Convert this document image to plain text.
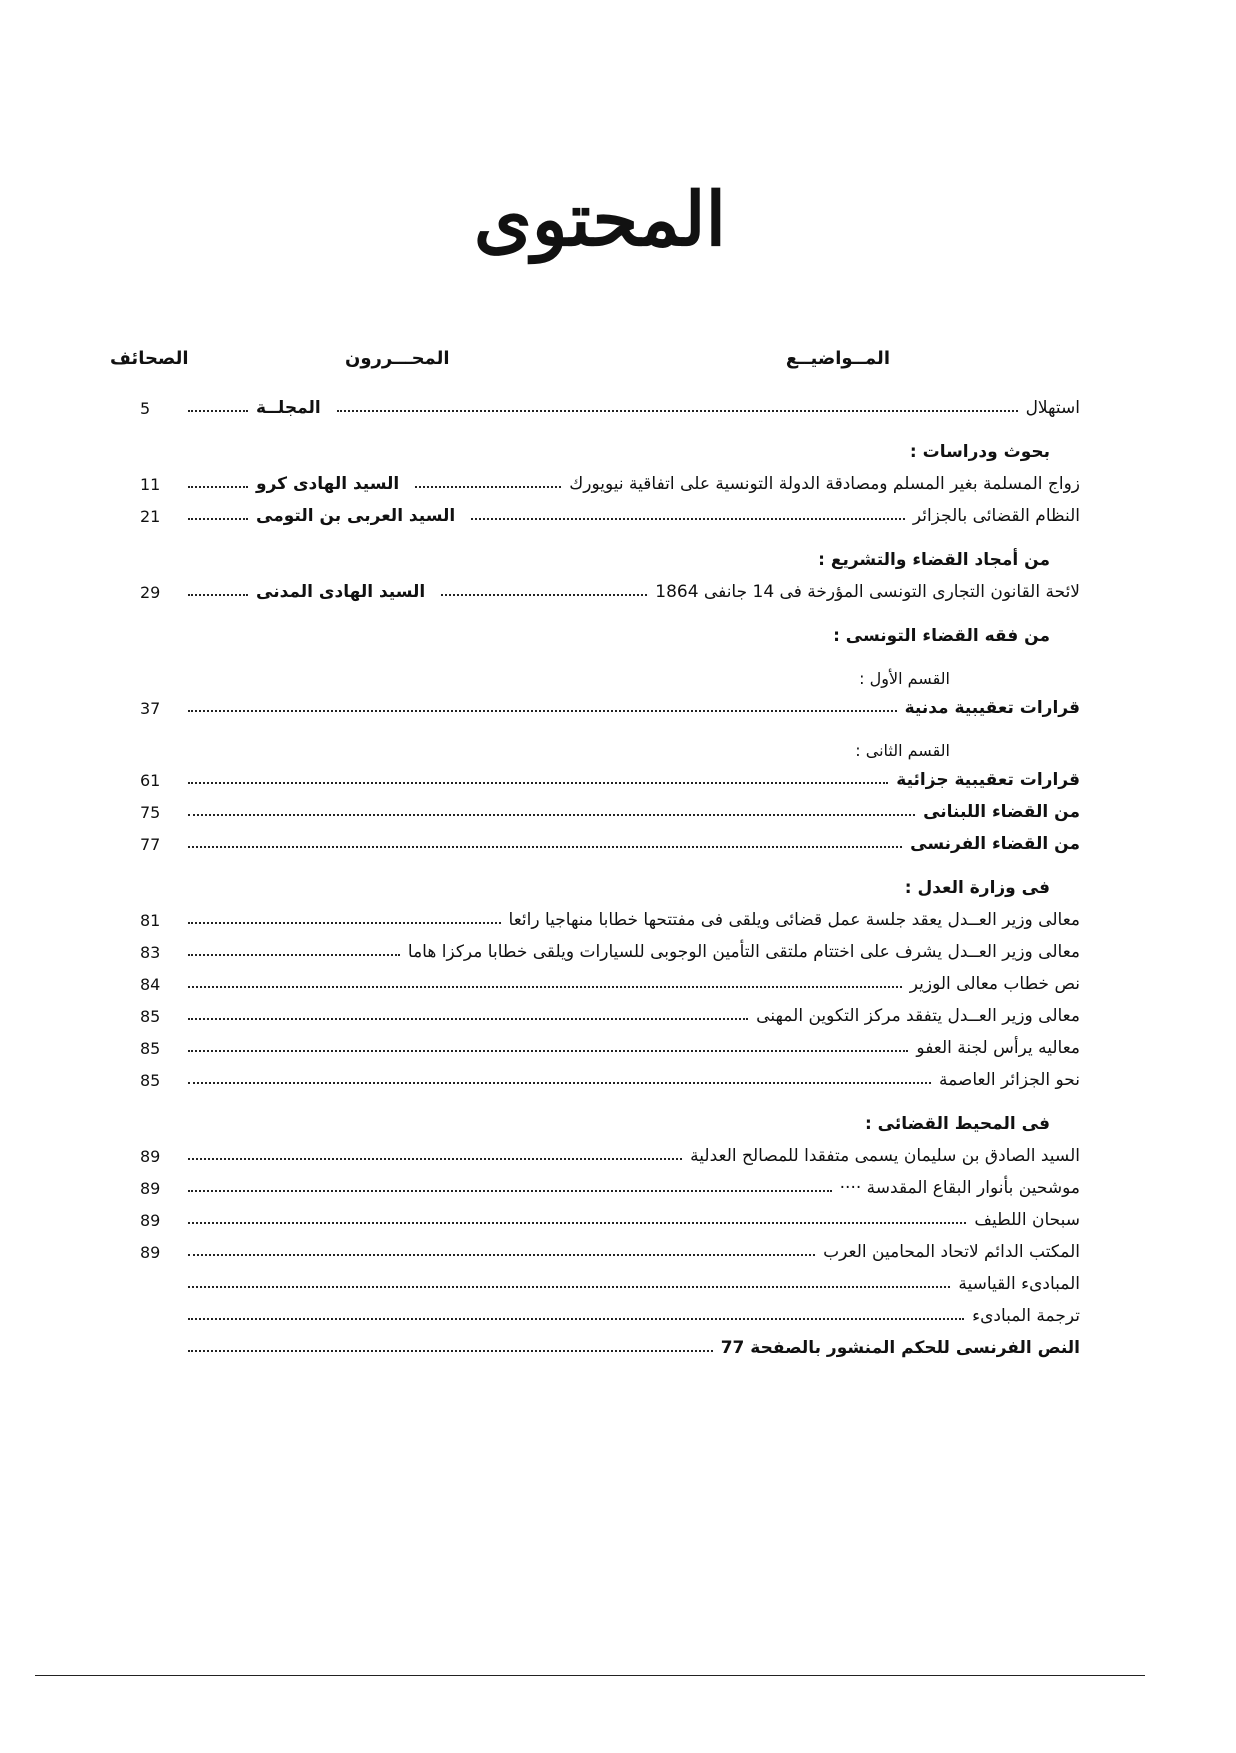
المحتوى
المــواضيــع
المحـــررون
الصحائف
استهلال
المجلــة
5
بحوث ودراسات :
زواج المسلمة بغير المسلم ومصادقة الدولة التونسية على اتفاقية نيويورك
السيد الهادى كرو
11
النظام القضائى بالجزائر
السيد العربى بن التومى
21
من أمجاد القضاء والتشريع :
لائحة القانون التجارى التونسى المؤرخة فى 14 جانفى 1864
السيد الهادى المدنى
29
من فقه القضاء التونسى :
القسم الأول :
قرارات تعقيبية مدنية
37
القسم الثانى :
قرارات تعقيبية جزائية
61
من القضاء اللبنانى
75
من القضاء الفرنسى
77
فى وزارة العدل :
معالى وزير العــدل يعقد جلسة عمل قضائى ويلقى فى مفتتحها خطابا منهاجيا رائعا
81
معالى وزير العــدل يشرف على اختتام ملتقى التأمين الوجوبى للسيارات ويلقى خطابا مركزا هاما
83
نص خطاب معالى الوزير
84
معالى وزير العــدل يتفقد مركز التكوين المهنى
85
معاليه يرأس لجنة العفو
85
نحو الجزائر العاصمة
85
فى المحيط القضائى :
السيد الصادق بن سليمان يسمى متفقدا للمصالح العدلية
89
موشحين بأنوار البقاع المقدسة ····
89
سبحان اللطيف
89
المكتب الدائم لاتحاد المحامين العرب
89
المبادىء القياسية
ترجمة المبادىء
النص الفرنسى للحكم المنشور بالصفحة 77
